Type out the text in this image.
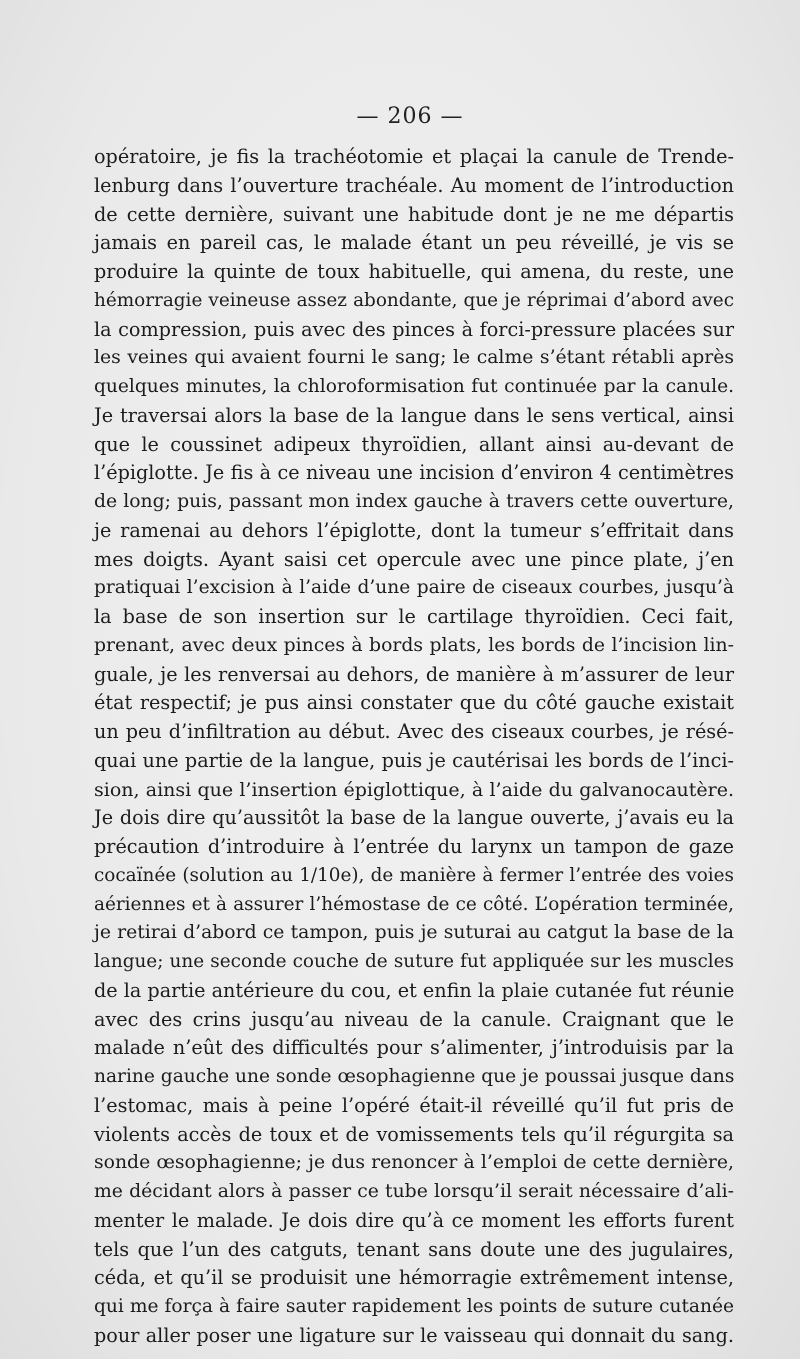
— 206 —
opératoire, je fis la trachéotomie et plaçai la canule de Trende-
lenburg dans l’ouverture trachéale. Au moment de l’introduction
de cette dernière, suivant une habitude dont je ne me départis
jamais en pareil cas, le malade étant un peu réveillé, je vis se
produire la quinte de toux habituelle, qui amena, du reste, une
hémorragie veineuse assez abondante, que je réprimai d’abord avec
la compression, puis avec des pinces à forci-pressure placées sur
les veines qui avaient fourni le sang; le calme s’étant rétabli après
quelques minutes, la chloroformisation fut continuée par la canule.
Je traversai alors la base de la langue dans le sens vertical, ainsi
que le coussinet adipeux thyroïdien, allant ainsi au-devant de
l’épiglotte. Je fis à ce niveau une incision d’environ 4 centimètres
de long; puis, passant mon index gauche à travers cette ouverture,
je ramenai au dehors l’épiglotte, dont la tumeur s’effritait dans
mes doigts. Ayant saisi cet opercule avec une pince plate, j’en
pratiquai l’excision à l’aide d’une paire de ciseaux courbes, jusqu’à
la base de son insertion sur le cartilage thyroïdien. Ceci fait,
prenant, avec deux pinces à bords plats, les bords de l’incision lin-
guale, je les renversai au dehors, de manière à m’assurer de leur
état respectif; je pus ainsi constater que du côté gauche existait
un peu d’infiltration au début. Avec des ciseaux courbes, je résé-
quai une partie de la langue, puis je cautérisai les bords de l’inci-
sion, ainsi que l’insertion épiglottique, à l’aide du galvanocautère.
Je dois dire qu’aussitôt la base de la langue ouverte, j’avais eu la
précaution d’introduire à l’entrée du larynx un tampon de gaze
cocaïnée (solution au 1/10e), de manière à fermer l’entrée des voies
aériennes et à assurer l’hémostase de ce côté. L’opération terminée,
je retirai d’abord ce tampon, puis je suturai au catgut la base de la
langue; une seconde couche de suture fut appliquée sur les muscles
de la partie antérieure du cou, et enfin la plaie cutanée fut réunie
avec des crins jusqu’au niveau de la canule. Craignant que le
malade n’eût des difficultés pour s’alimenter, j’introduisis par la
narine gauche une sonde œsophagienne que je poussai jusque dans
l’estomac, mais à peine l’opéré était-il réveillé qu’il fut pris de
violents accès de toux et de vomissements tels qu’il régurgita sa
sonde œsophagienne; je dus renoncer à l’emploi de cette dernière,
me décidant alors à passer ce tube lorsqu’il serait nécessaire d’ali-
menter le malade. Je dois dire qu’à ce moment les efforts furent
tels que l’un des catguts, tenant sans doute une des jugulaires,
céda, et qu’il se produisit une hémorragie extrêmement intense,
qui me força à faire sauter rapidement les points de suture cutanée
pour aller poser une ligature sur le vaisseau qui donnait du sang.
